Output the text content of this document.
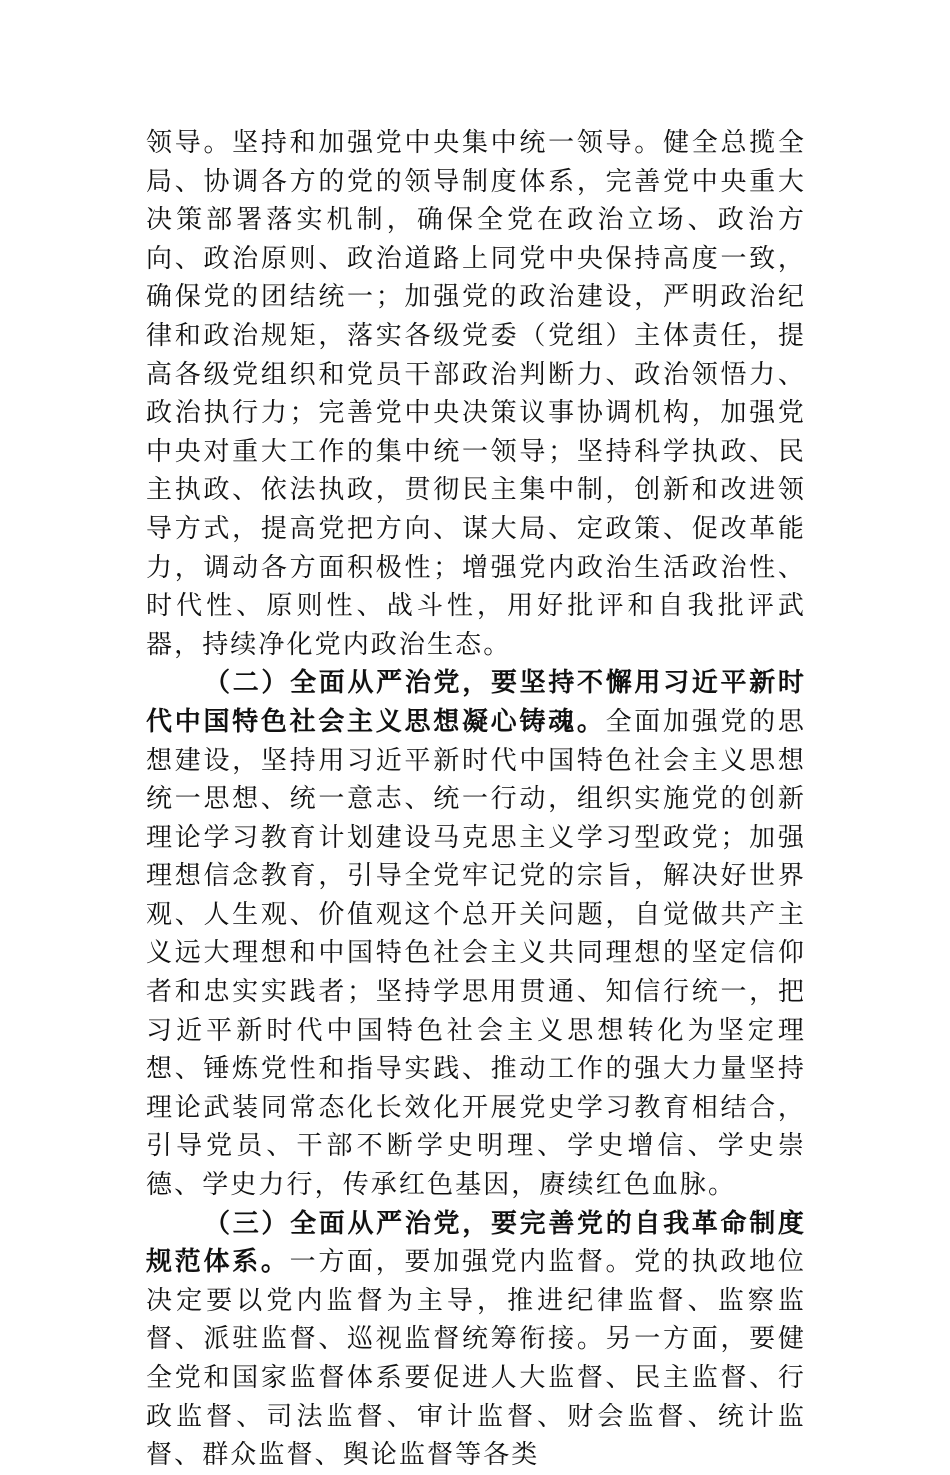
领导。坚持和加强党中央集中统一领导。健全总揽全局、协调各方的党的领导制度体系，完善党中央重大决策部署落实机制，确保全党在政治立场、政治方向、政治原则、政治道路上同党中央保持高度一致，确保党的团结统一；加强党的政治建设，严明政治纪律和政治规矩，落实各级党委（党组）主体责任，提高各级党组织和党员干部政治判断力、政治领悟力、政治执行力；完善党中央决策议事协调机构，加强党中央对重大工作的集中统一领导；坚持科学执政、民主执政、依法执政，贯彻民主集中制，创新和改进领导方式，提高党把方向、谋大局、定政策、促改革能力，调动各方面积极性；增强党内政治生活政治性、时代性、原则性、战斗性，用好批评和自我批评武器，持续净化党内政治生态。

（二）全面从严治党，要坚持不懈用习近平新时代中国特色社会主义思想凝心铸魂。全面加强党的思想建设，坚持用习近平新时代中国特色社会主义思想统一思想、统一意志、统一行动，组织实施党的创新理论学习教育计划建设马克思主义学习型政党；加强理想信念教育，引导全党牢记党的宗旨，解决好世界观、人生观、价值观这个总开关问题，自觉做共产主义远大理想和中国特色社会主义共同理想的坚定信仰者和忠实实践者；坚持学思用贯通、知信行统一，把习近平新时代中国特色社会主义思想转化为坚定理想、锤炼党性和指导实践、推动工作的强大力量坚持理论武装同常态化长效化开展党史学习教育相结合，引导党员、干部不断学史明理、学史增信、学史崇德、学史力行，传承红色基因，赓续红色血脉。

（三）全面从严治党，要完善党的自我革命制度规范体系。一方面，要加强党内监督。党的执政地位决定要以党内监督为主导，推进纪律监督、监察监督、派驻监督、巡视监督统筹衔接。另一方面，要健全党和国家监督体系要促进人大监督、民主监督、行政监督、司法监督、审计监督、财会监督、统计监督、群众监督、舆论监督等各类
